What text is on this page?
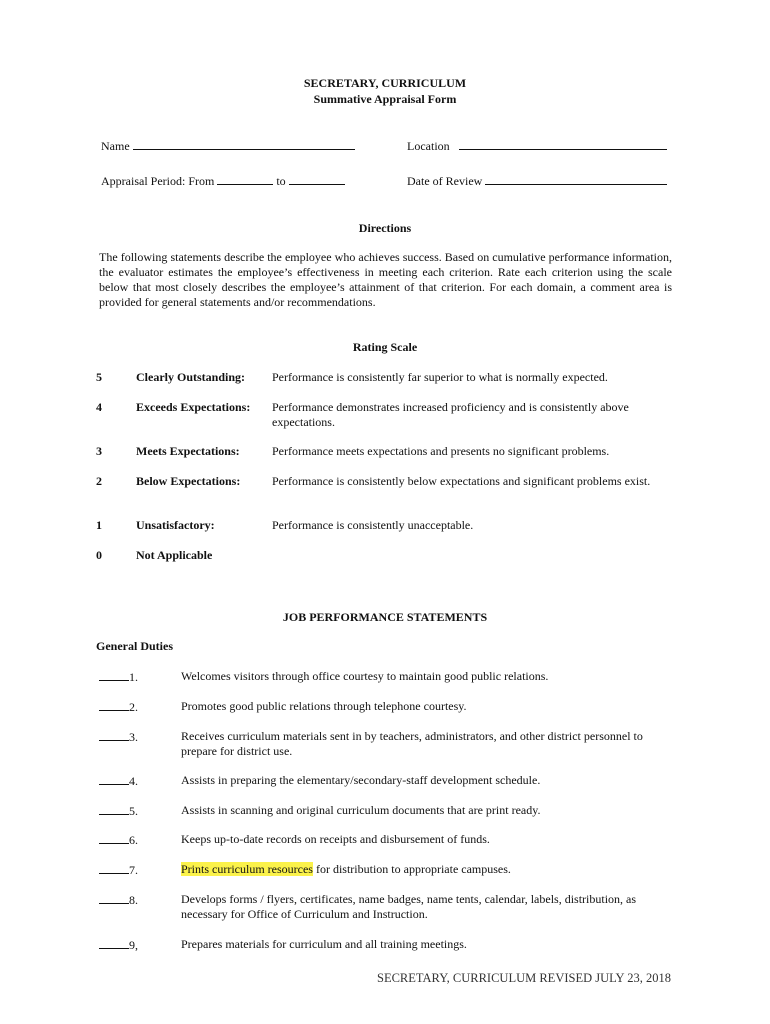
SECRETARY, CURRICULUM
Summative Appraisal Form
Name	Location
Appraisal Period: From	to	Date of Review
Directions
The following statements describe the employee who achieves success. Based on cumulative performance information, the evaluator estimates the employee’s effectiveness in meeting each criterion. Rate each criterion using the scale below that most closely describes the employee’s attainment of that criterion. For each domain, a comment area is provided for general statements and/or recommendations.
Rating Scale
5	Clearly Outstanding: Performance is consistently far superior to what is normally expected.
4	Exceeds Expectations: Performance demonstrates increased proficiency and is consistently above expectations.
3	Meets Expectations:	Performance meets expectations and presents no significant problems.
2	Below Expectations:	Performance is consistently below expectations and significant problems exist.
1	Unsatisfactory:	Performance is consistently unacceptable.
0	Not Applicable
JOB PERFORMANCE STATEMENTS
General Duties
1.	Welcomes visitors through office courtesy to maintain good public relations.
2.	Promotes good public relations through telephone courtesy.
3.	Receives curriculum materials sent in by teachers, administrators, and other district personnel to prepare for district use.
4.	Assists in preparing the elementary/secondary-staff development schedule.
5.	Assists in scanning and original curriculum documents that are print ready.
6.	Keeps up-to-date records on receipts and disbursement of funds.
7.	Prints curriculum resources for distribution to appropriate campuses.
8.	Develops forms / flyers, certificates, name badges, name tents, calendar, labels, distribution, as necessary for Office of Curriculum and Instruction.
9,	Prepares materials for curriculum and all training meetings.
SECRETARY, CURRICULUM REVISED JULY 23, 2018
